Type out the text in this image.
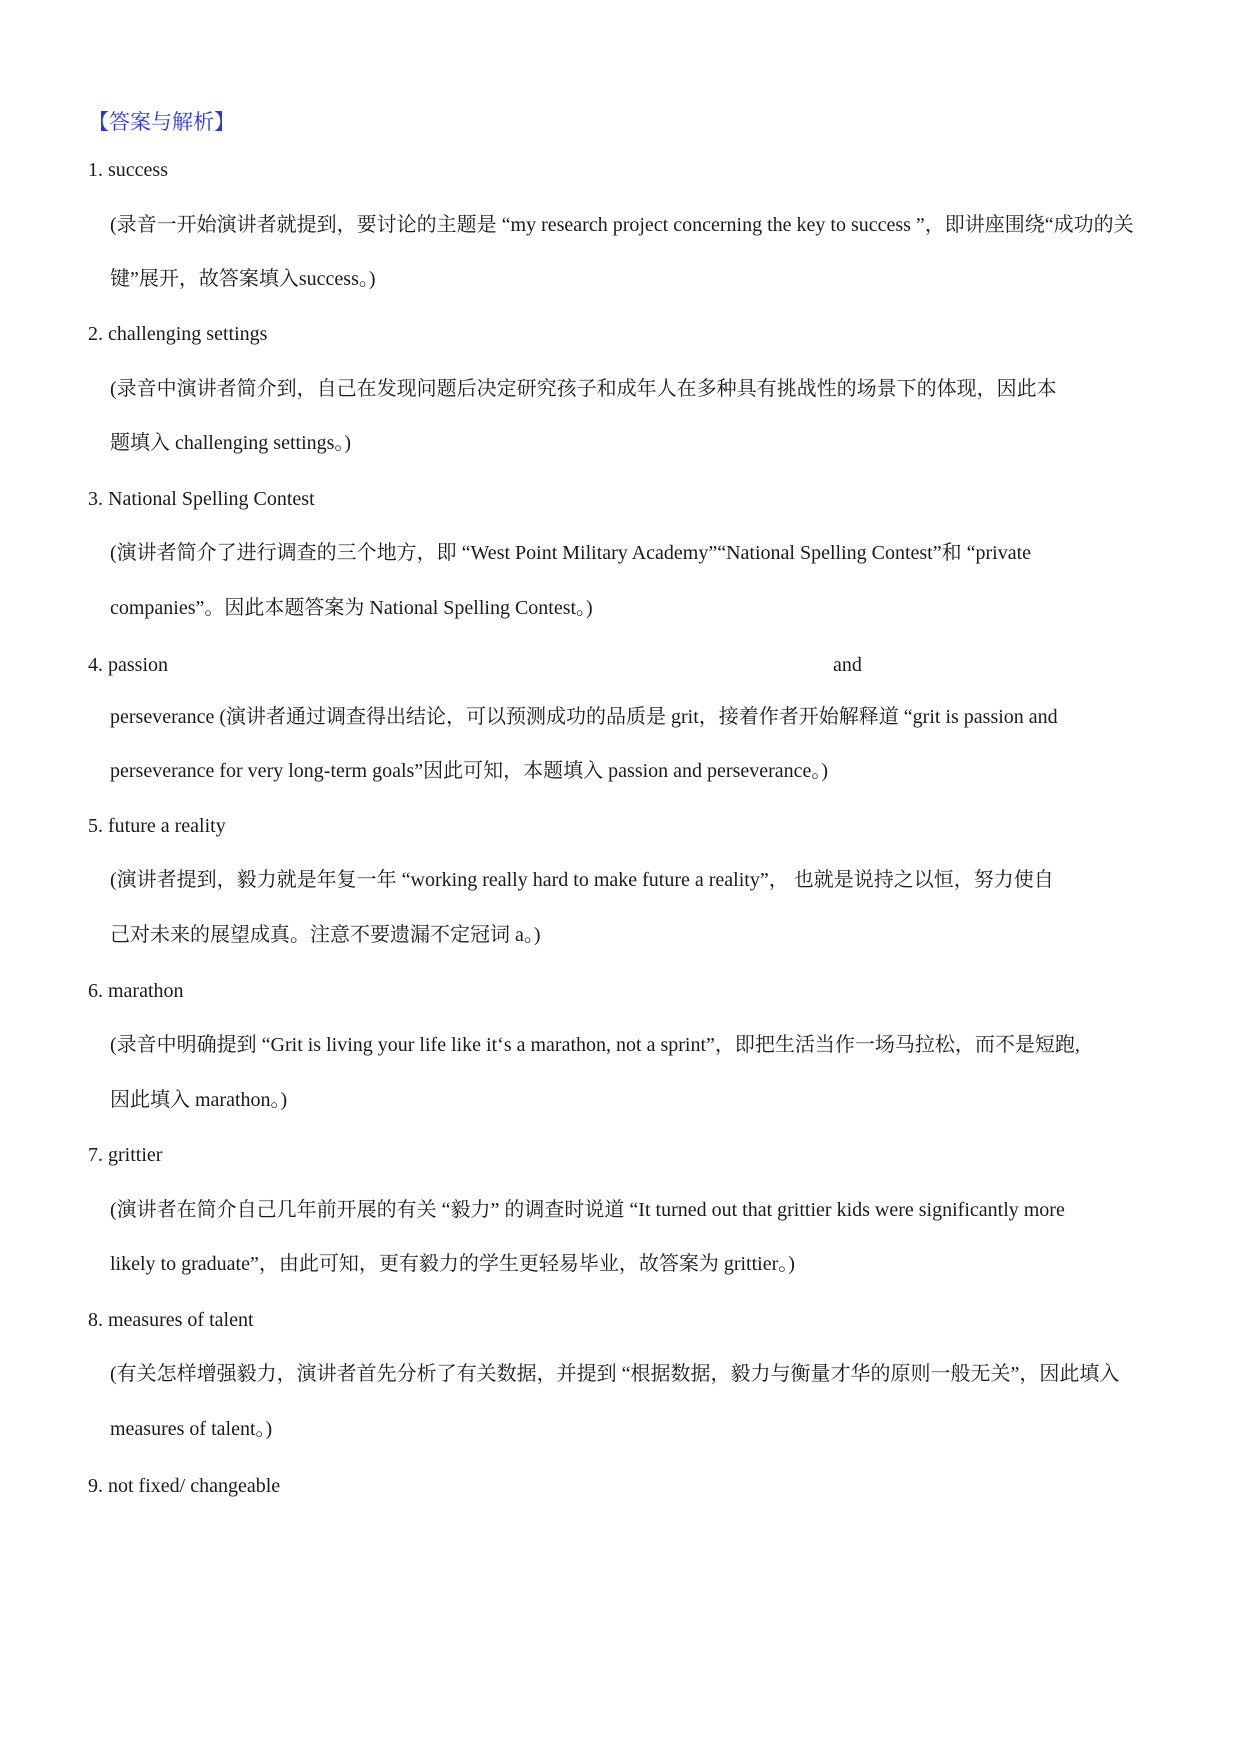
【答案与解析】
1. success
(录音一开始演讲者就提到，要讨论的主题是 “my research project concerning the key to success ”，即讲座围绕“成功的关
键”展开，故答案填入success。)
2. challenging settings
(录音中演讲者简介到，自己在发现问题后决定研究孩子和成年人在多种具有挑战性的场景下的体现，因此本
题填入 challenging settings。)
3. National Spelling Contest
(演讲者简介了进行调查的三个地方，即 “West Point Military Academy”“National Spelling Contest”和 “private
companies”。因此本题答案为 National Spelling Contest。)
4. passion	and
perseverance (演讲者通过调查得出结论，可以预测成功的品质是 grit，接着作者开始解释道 “grit is passion and
perseverance for very long-term goals”因此可知，本题填入 passion and perseverance。)
5. future a reality
(演讲者提到，毅力就是年复一年 “working really hard to make future a reality”， 也就是说持之以恒，努力使自
己对未来的展望成真。注意不要遗漏不定冠词 a。)
6. marathon
(录音中明确提到 “Grit is living your life like it‘s a marathon, not a sprint”，即把生活当作一场马拉松，而不是短跑,
因此填入 marathon。)
7. grittier
(演讲者在简介自己几年前开展的有关 “毅力” 的调查时说道 “It turned out that grittier kids were significantly more
likely to graduate”，由此可知，更有毅力的学生更轻易毕业，故答案为 grittier。)
8. measures of talent
(有关怎样增强毅力，演讲者首先分析了有关数据，并提到 “根据数据，毅力与衡量才华的原则一般无关”，因此填入
measures of talent。)
9. not fixed/ changeable
